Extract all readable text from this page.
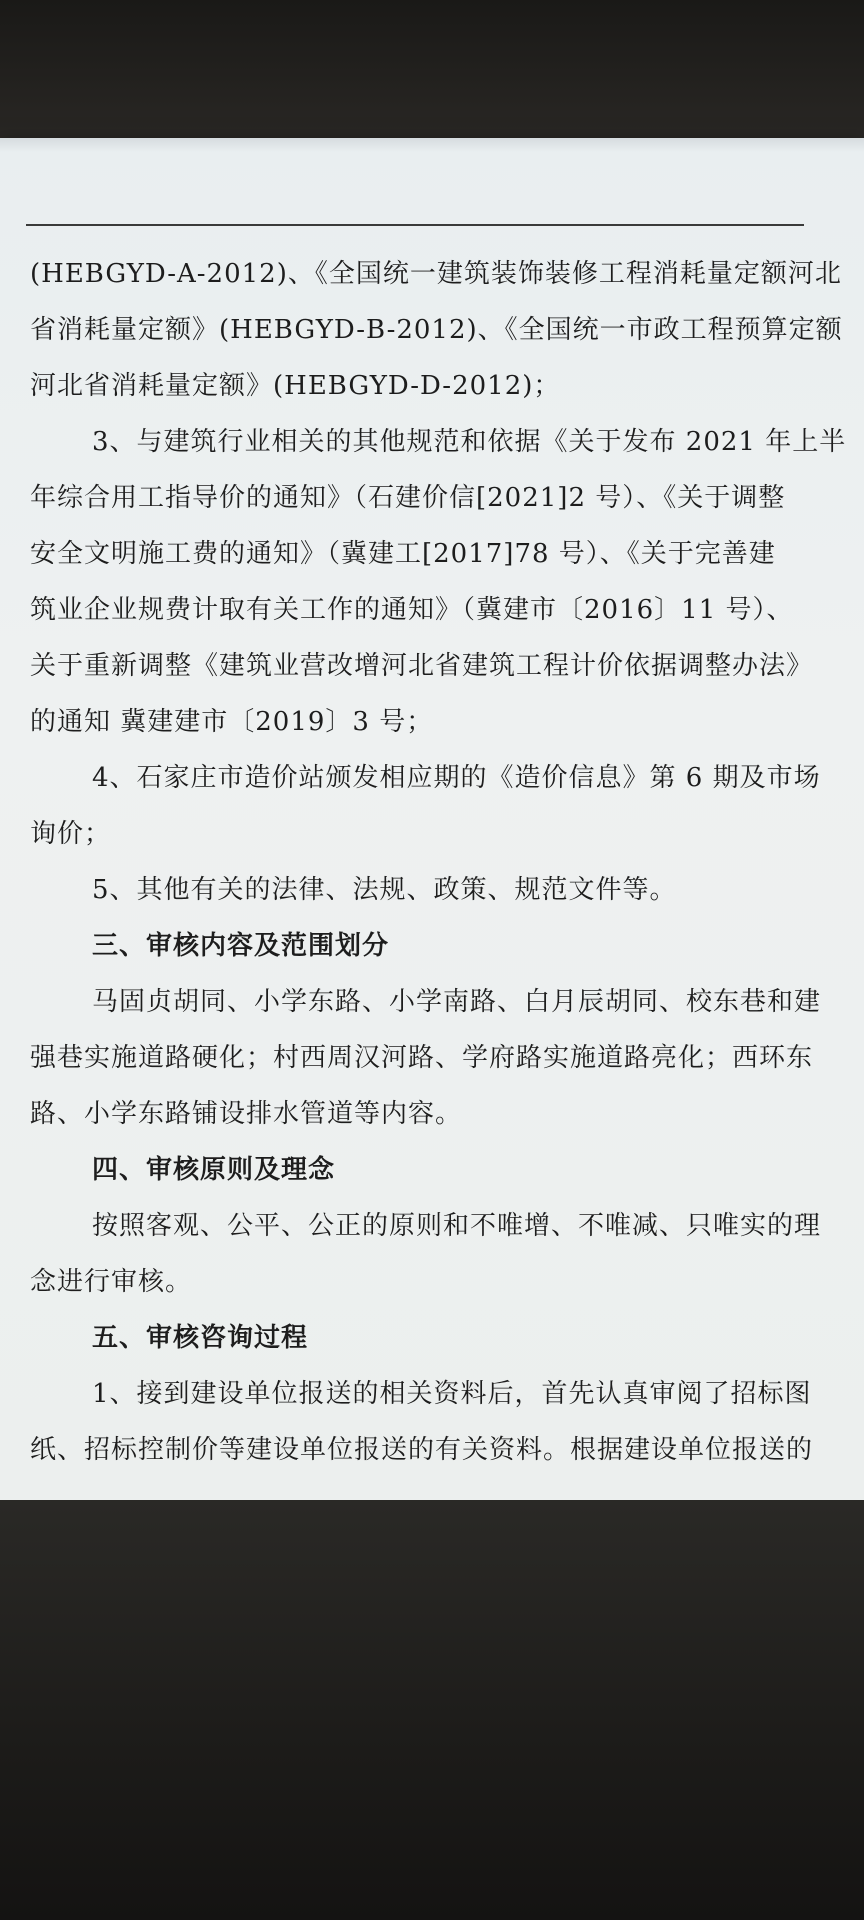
(HEBGYD-A-2012)、《全国统一建筑装饰装修工程消耗量定额河北
省消耗量定额》(HEBGYD-B-2012)、《全国统一市政工程预算定额
河北省消耗量定额》(HEBGYD-D-2012)；
3、与建筑行业相关的其他规范和依据《关于发布 2021 年上半
年综合用工指导价的通知》（石建价信[2021]2 号）、《关于调整
安全文明施工费的通知》（冀建工[2017]78 号）、《关于完善建
筑业企业规费计取有关工作的通知》（冀建市〔2016〕11 号）、
关于重新调整《建筑业营改增河北省建筑工程计价依据调整办法》
的通知 冀建建市〔2019〕3 号；
4、石家庄市造价站颁发相应期的《造价信息》第 6 期及市场
询价；
5、其他有关的法律、法规、政策、规范文件等。
三、审核内容及范围划分
马固贞胡同、小学东路、小学南路、白月辰胡同、校东巷和建
强巷实施道路硬化；村西周汉河路、学府路实施道路亮化；西环东
路、小学东路铺设排水管道等内容。
四、审核原则及理念
按照客观、公平、公正的原则和不唯增、不唯减、只唯实的理
念进行审核。
五、审核咨询过程
1、接到建设单位报送的相关资料后，首先认真审阅了招标图
纸、招标控制价等建设单位报送的有关资料。根据建设单位报送的
